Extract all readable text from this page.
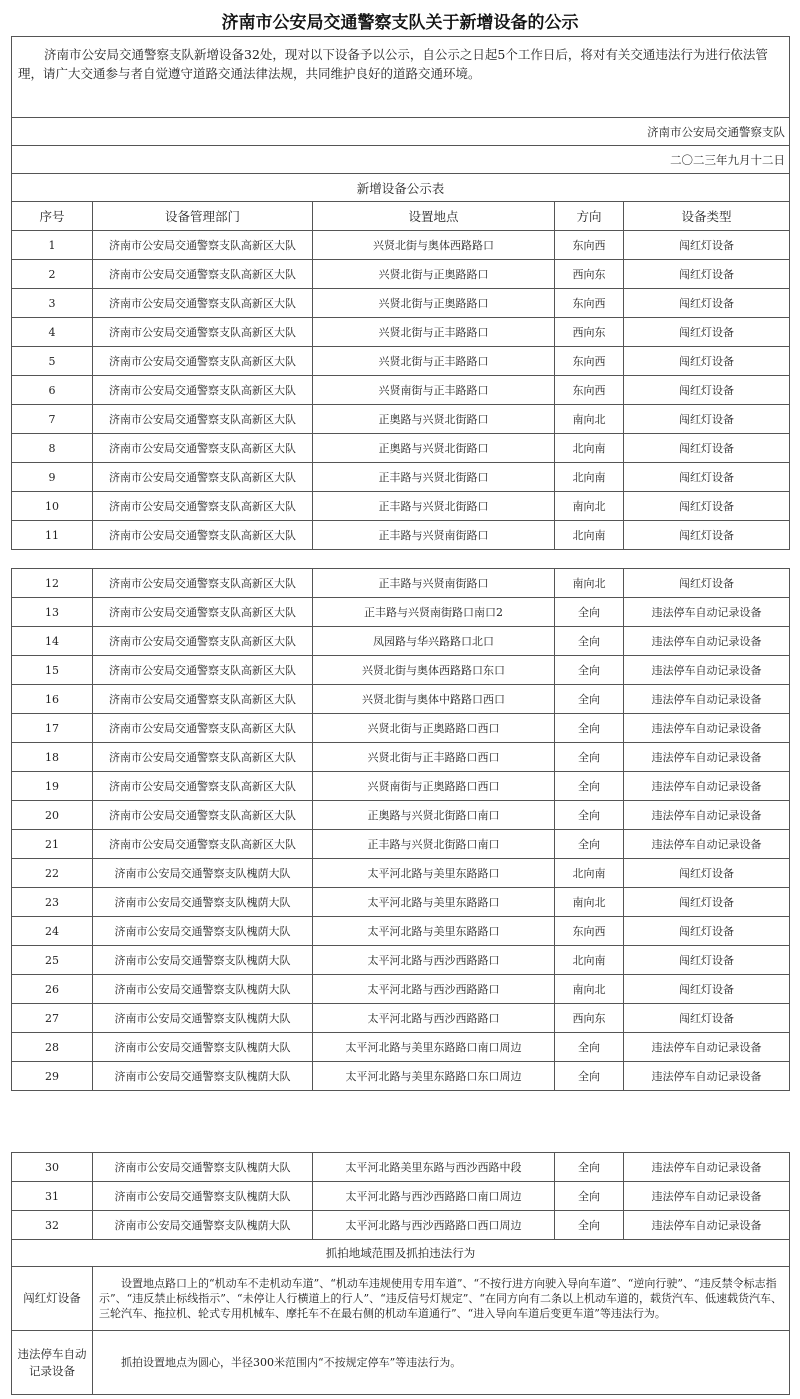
济南市公安局交通警察支队关于新增设备的公示
济南市公安局交通警察支队新增设备32处，现对以下设备予以公示，自公示之日起5个工作日后，将对有关交通违法行为进行依法管理，请广大交通参与者自觉遵守道路交通法律法规，共同维护良好的道路交通环境。				
济南市公安局交通警察支队				
二〇二三年九月十二日				
新增设备公示表				
序号	设备管理部门	设置地点	方向	设备类型
1	济南市公安局交通警察支队高新区大队	兴贤北街与奥体西路路口	东向西	闯红灯设备
2	济南市公安局交通警察支队高新区大队	兴贤北街与正奥路路口	西向东	闯红灯设备
3	济南市公安局交通警察支队高新区大队	兴贤北街与正奥路路口	东向西	闯红灯设备
4	济南市公安局交通警察支队高新区大队	兴贤北街与正丰路路口	西向东	闯红灯设备
5	济南市公安局交通警察支队高新区大队	兴贤北街与正丰路路口	东向西	闯红灯设备
6	济南市公安局交通警察支队高新区大队	兴贤南街与正丰路路口	东向西	闯红灯设备
7	济南市公安局交通警察支队高新区大队	正奥路与兴贤北街路口	南向北	闯红灯设备
8	济南市公安局交通警察支队高新区大队	正奥路与兴贤北街路口	北向南	闯红灯设备
9	济南市公安局交通警察支队高新区大队	正丰路与兴贤北街路口	北向南	闯红灯设备
10	济南市公安局交通警察支队高新区大队	正丰路与兴贤北街路口	南向北	闯红灯设备
11	济南市公安局交通警察支队高新区大队	正丰路与兴贤南街路口	北向南	闯红灯设备
12	济南市公安局交通警察支队高新区大队	正丰路与兴贤南街路口	南向北	闯红灯设备
13	济南市公安局交通警察支队高新区大队	正丰路与兴贤南街路口南口2	全向	违法停车自动记录设备
14	济南市公安局交通警察支队高新区大队	凤园路与华兴路路口北口	全向	违法停车自动记录设备
15	济南市公安局交通警察支队高新区大队	兴贤北街与奥体西路路口东口	全向	违法停车自动记录设备
16	济南市公安局交通警察支队高新区大队	兴贤北街与奥体中路路口西口	全向	违法停车自动记录设备
17	济南市公安局交通警察支队高新区大队	兴贤北街与正奥路路口西口	全向	违法停车自动记录设备
18	济南市公安局交通警察支队高新区大队	兴贤北街与正丰路路口西口	全向	违法停车自动记录设备
19	济南市公安局交通警察支队高新区大队	兴贤南街与正奥路路口西口	全向	违法停车自动记录设备
20	济南市公安局交通警察支队高新区大队	正奥路与兴贤北街路口南口	全向	违法停车自动记录设备
21	济南市公安局交通警察支队高新区大队	正丰路与兴贤北街路口南口	全向	违法停车自动记录设备
22	济南市公安局交通警察支队槐荫大队	太平河北路与美里东路路口	北向南	闯红灯设备
23	济南市公安局交通警察支队槐荫大队	太平河北路与美里东路路口	南向北	闯红灯设备
24	济南市公安局交通警察支队槐荫大队	太平河北路与美里东路路口	东向西	闯红灯设备
25	济南市公安局交通警察支队槐荫大队	太平河北路与西沙西路路口	北向南	闯红灯设备
26	济南市公安局交通警察支队槐荫大队	太平河北路与西沙西路路口	南向北	闯红灯设备
27	济南市公安局交通警察支队槐荫大队	太平河北路与西沙西路路口	西向东	闯红灯设备
28	济南市公安局交通警察支队槐荫大队	太平河北路与美里东路路口南口周边	全向	违法停车自动记录设备
29	济南市公安局交通警察支队槐荫大队	太平河北路与美里东路路口东口周边	全向	违法停车自动记录设备
30	济南市公安局交通警察支队槐荫大队	太平河北路美里东路与西沙西路中段	全向	违法停车自动记录设备
31	济南市公安局交通警察支队槐荫大队	太平河北路与西沙西路路口南口周边	全向	违法停车自动记录设备
32	济南市公安局交通警察支队槐荫大队	太平河北路与西沙西路路口西口周边	全向	违法停车自动记录设备
抓拍地域范围及抓拍违法行为				
闯红灯设备	设置地点路口上的“机动车不走机动车道”、“机动车违规使用专用车道”、“不按行进方向驶入导向车道”、“逆向行驶”、“违反禁令标志指示”、“违反禁止标线指示”、“未停让人行横道上的行人”、“违反信号灯规定”、“在同方向有二条以上机动车道的，载货汽车、低速载货汽车、三轮汽车、拖拉机、轮式专用机械车、摩托车不在最右侧的机动车道通行”、“进入导向车道后变更车道”等违法行为。			
违法停车自动记录设备	抓拍设置地点为圆心，半径300米范围内“不按规定停车”等违法行为。			
